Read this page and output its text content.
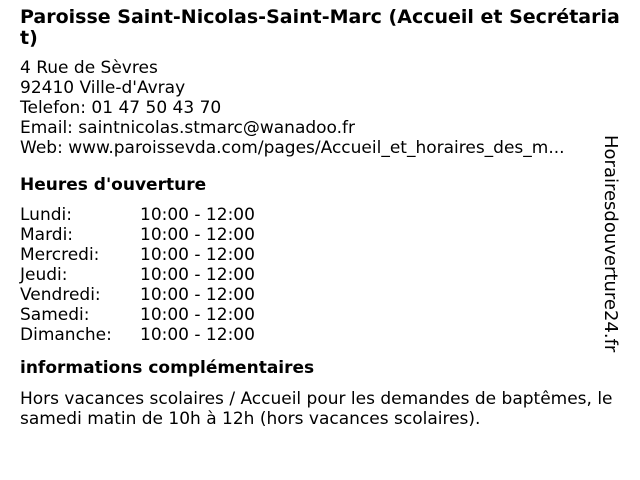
Paroisse Saint-Nicolas-Saint-Marc (Accueil et Secrétariat)
4 Rue de Sèvres
92410 Ville-d'Avray
Telefon: 01 47 50 43 70
Email: saintnicolas.stmarc@wanadoo.fr
Web: www.paroissevda.com/pages/Accueil_et_horaires_des_m...
Heures d'ouverture
Lundi:	10:00 - 12:00
Mardi:	10:00 - 12:00
Mercredi:	10:00 - 12:00
Jeudi:	10:00 - 12:00
Vendredi:	10:00 - 12:00
Samedi:	10:00 - 12:00
Dimanche:	10:00 - 12:00
informations complémentaires
Hors vacances scolaires / Accueil pour les demandes de baptêmes, le samedi matin de 10h à 12h (hors vacances scolaires).
Horairesdouverture24.fr
